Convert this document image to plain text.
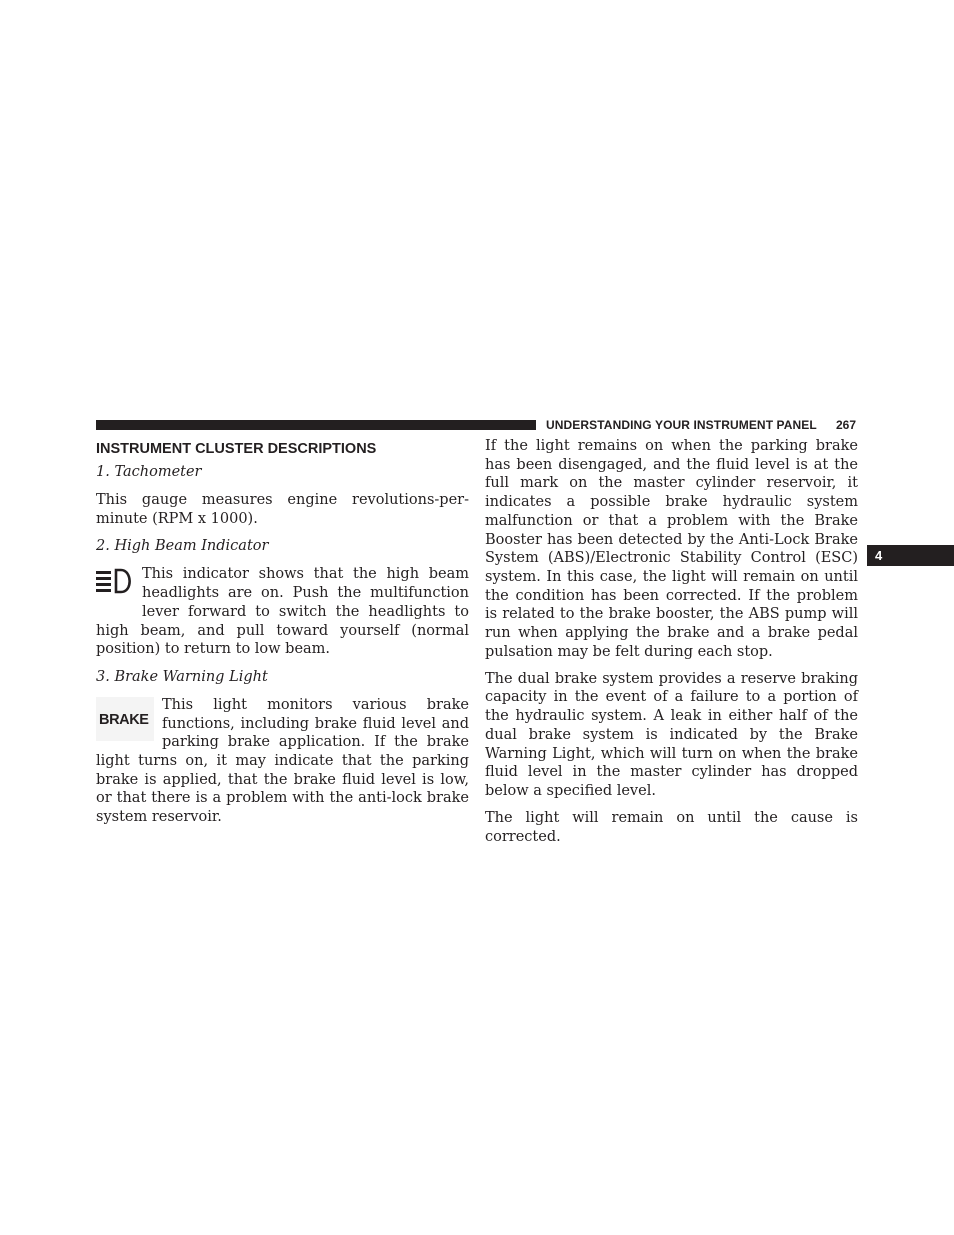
UNDERSTANDING YOUR INSTRUMENT PANEL	267
4
INSTRUMENT CLUSTER DESCRIPTIONS
1. Tachometer

This gauge measures engine revolutions-per-minute (RPM x 1000).

2. High Beam Indicator

This indicator shows that the high beam headlights are on. Push the multifunction lever forward to switch the headlights to high beam, and pull toward yourself (normal position) to return to low beam.

3. Brake Warning Light
BRAKE

This light monitors various brake functions, including brake fluid level and parking brake application. If the brake light turns on, it may indicate that the parking brake is applied, that the brake fluid level is low, or that there is a problem with the anti-lock brake system reservoir.

If the light remains on when the parking brake has been disengaged, and the fluid level is at the full mark on the master cylinder reservoir, it indicates a possible brake hydraulic system malfunction or that a problem with the Brake Booster has been detected by the Anti-Lock Brake System (ABS)/Electronic Stability Control (ESC) system. In this case, the light will remain on until the condition has been corrected. If the problem is related to the brake booster, the ABS pump will run when applying the brake and a brake pedal pulsation may be felt during each stop.

The dual brake system provides a reserve braking capacity in the event of a failure to a portion of the hydraulic system. A leak in either half of the dual brake system is indicated by the Brake Warning Light, which will turn on when the brake fluid level in the master cylinder has dropped below a specified level.

The light will remain on until the cause is corrected.
